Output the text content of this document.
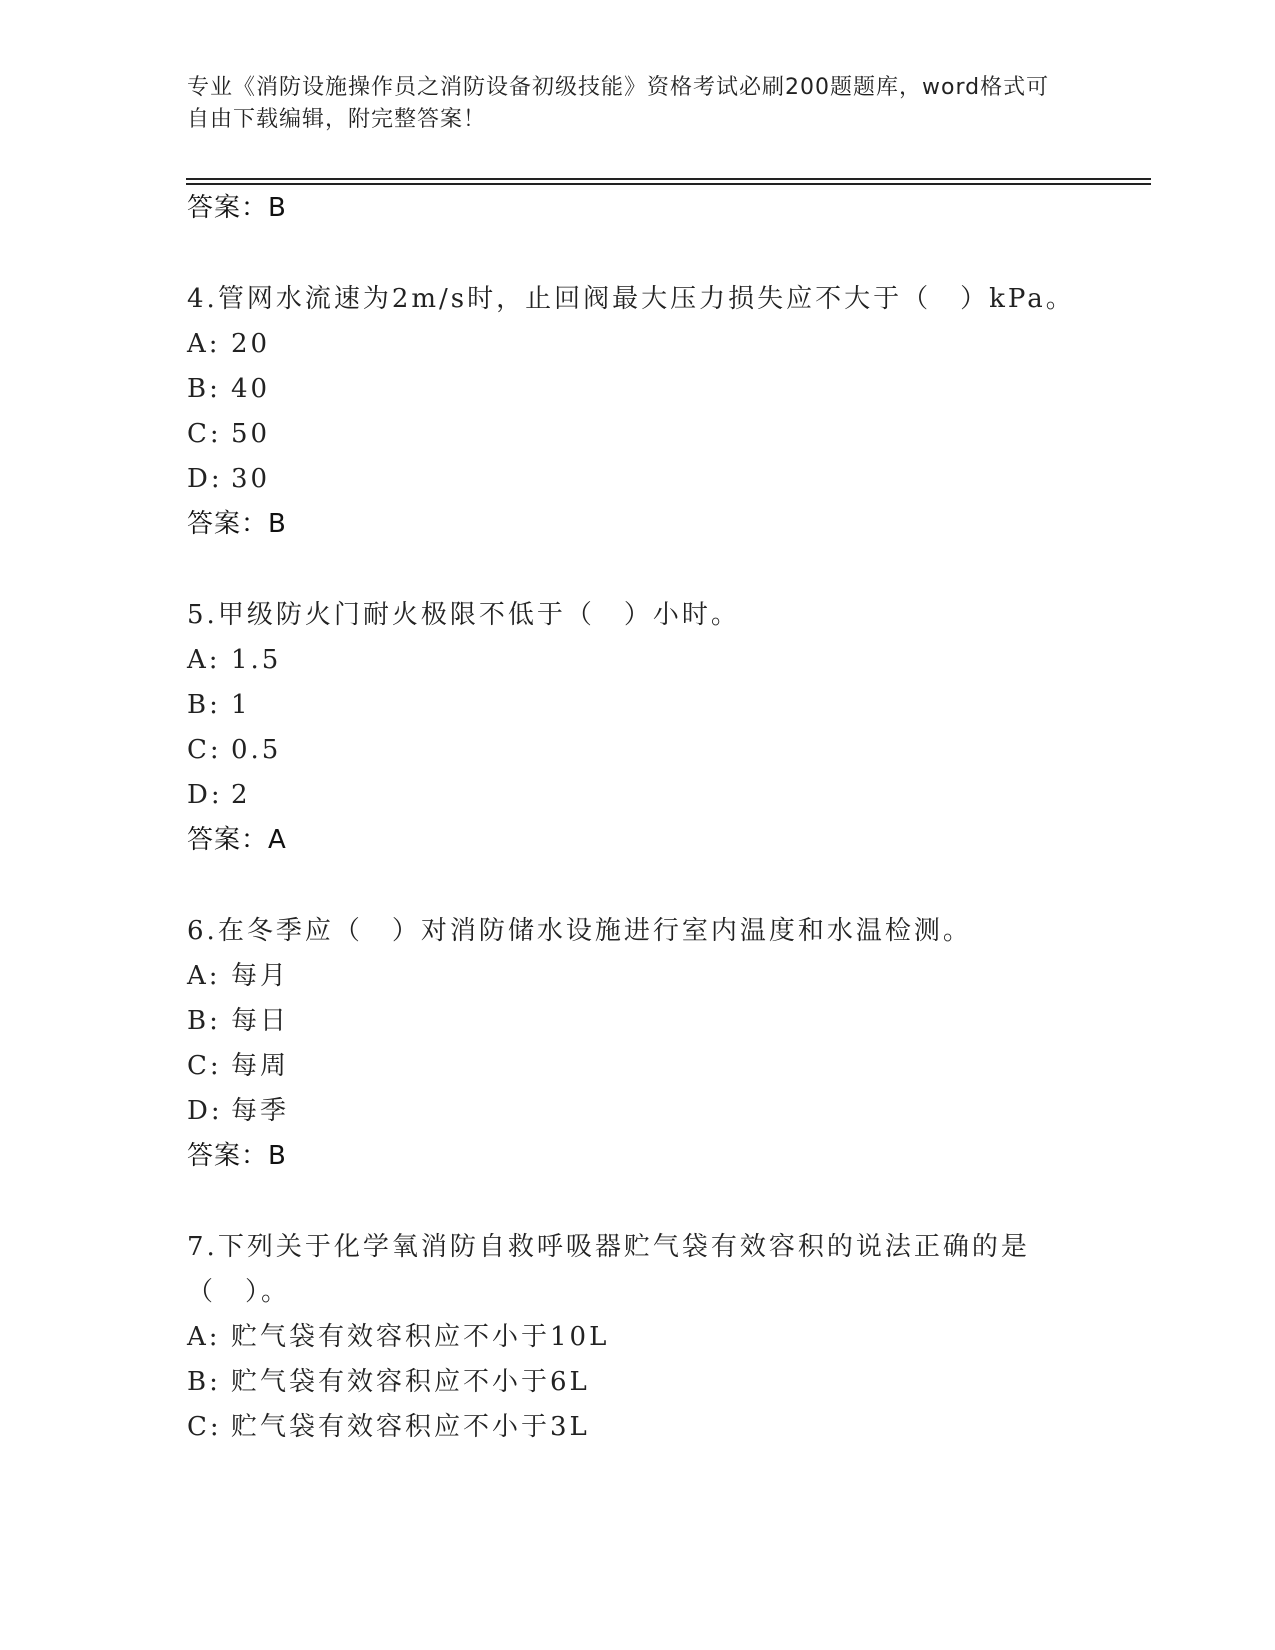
专业《消防设施操作员之消防设备初级技能》资格考试必刷200题题库，word格式可自由下载编辑，附完整答案！
答案：B

4.管网水流速为2m/s时，止回阀最大压力损失应不大于（　）kPa。

A: 20
B: 40
C: 50
D: 30
答案：B

5.甲级防火门耐火极限不低于（　）小时。

A: 1.5
B: 1
C: 0.5
D: 2
答案：A

6.在冬季应（　）对消防储水设施进行室内温度和水温检测。

A: 每月
B: 每日
C: 每周
D: 每季
答案：B

7.下列关于化学氧消防自救呼吸器贮气袋有效容积的说法正确的是（　）。

A: 贮气袋有效容积应不小于10L
B: 贮气袋有效容积应不小于6L
C: 贮气袋有效容积应不小于3L
